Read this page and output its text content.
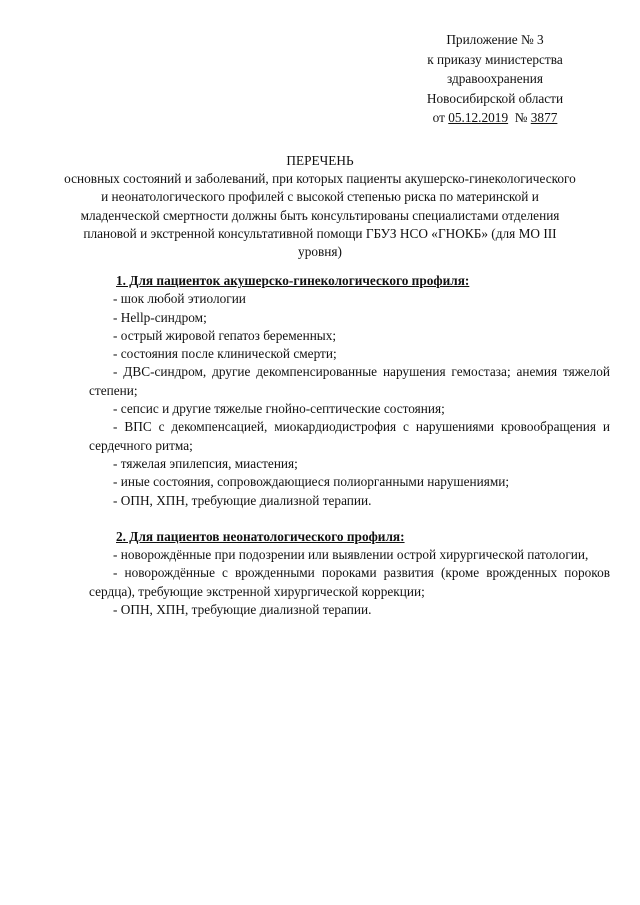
Приложение № 3
к приказу министерства
здравоохранения
Новосибирской области
от 05.12.2019 № 3877
ПЕРЕЧЕНЬ
основных состояний и заболеваний, при которых пациенты акушерско-гинекологического и неонатологического профилей с высокой степенью риска по материнской и младенческой смертности должны быть консультированы специалистами отделения плановой и экстренной консультативной помощи ГБУЗ НСО «ГНОКБ» (для МО III уровня)
1. Для пациенток акушерско-гинекологического профиля:

- шок любой этиологии

- Hellp-синдром;

- острый жировой гепатоз беременных;

- состояния после клинической смерти;

- ДВС-синдром, другие декомпенсированные нарушения гемостаза; анемия тяжелой степени;

- сепсис и другие тяжелые гнойно-септические состояния;

- ВПС с декомпенсацией, миокардиодистрофия с нарушениями кровообращения и сердечного ритма;

- тяжелая эпилепсия, миастения;

- иные состояния, сопровождающиеся полиорганными нарушениями;

- ОПН, ХПН, требующие диализной терапии.

2. Для пациентов неонатологического профиля:

- новорождённые при подозрении или выявлении острой хирургической патологии,

- новорождённые с врожденными пороками развития (кроме врожденных пороков сердца), требующие экстренной хирургической коррекции;

- ОПН, ХПН, требующие диализной терапии.
